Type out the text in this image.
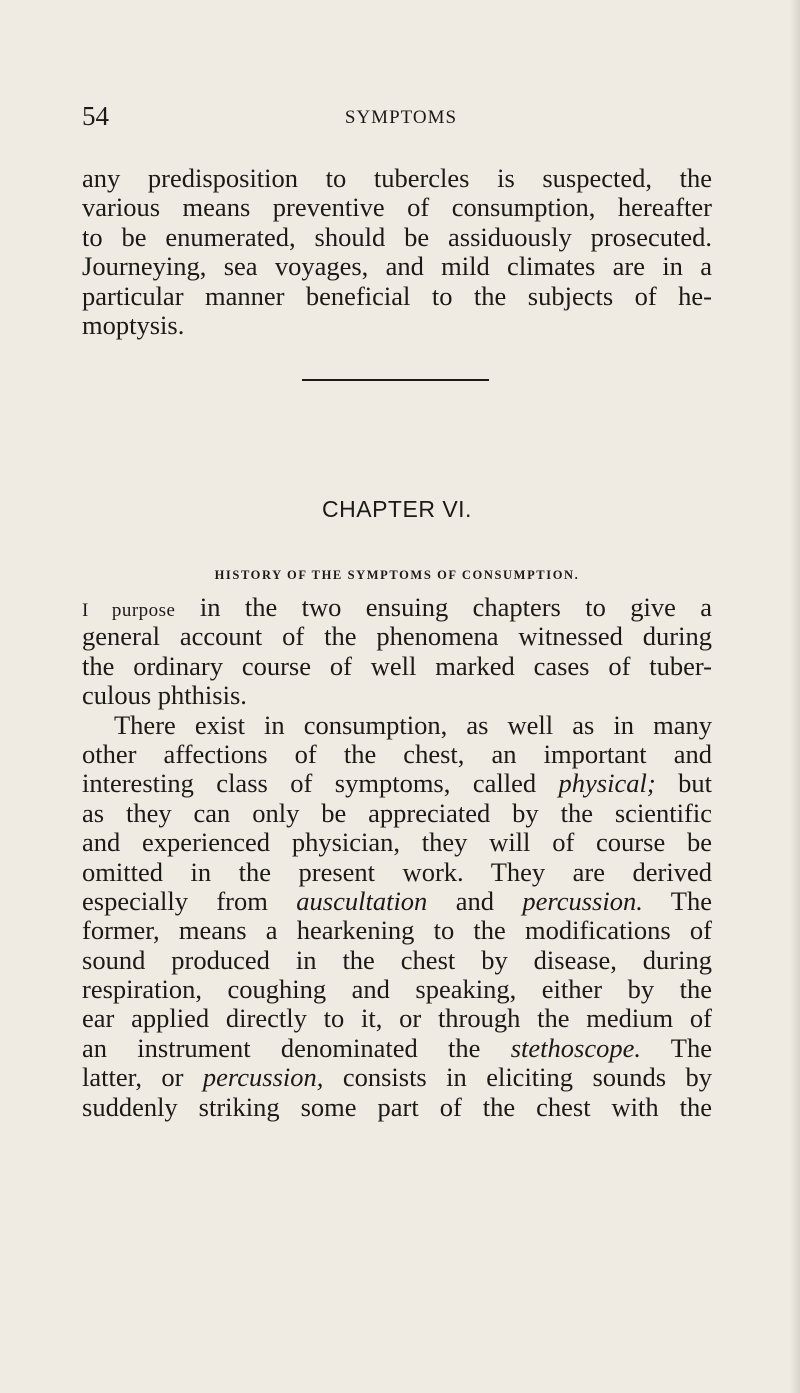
54	SYMPTOMS
any predisposition to tubercles is suspected, the
various means preventive of consumption, hereafter
to be enumerated, should be assiduously prosecuted.
Journeying, sea voyages, and mild climates are in a
particular manner beneficial to the subjects of he-
moptysis.
CHAPTER VI.
HISTORY OF THE SYMPTOMS OF CONSUMPTION.
I purpose in the two ensuing chapters to give a
general account of the phenomena witnessed during
the ordinary course of well marked cases of tuber-
culous phthisis.
There exist in consumption, as well as in many
other affections of the chest, an important and
interesting class of symptoms, called physical; but
as they can only be appreciated by the scientific
and experienced physician, they will of course be
omitted in the present work. They are derived
especially from auscultation and percussion. The
former, means a hearkening to the modifications of
sound produced in the chest by disease, during
respiration, coughing and speaking, either by the
ear applied directly to it, or through the medium of
an instrument denominated the stethoscope. The
latter, or percussion, consists in eliciting sounds by
suddenly striking some part of the chest with the
